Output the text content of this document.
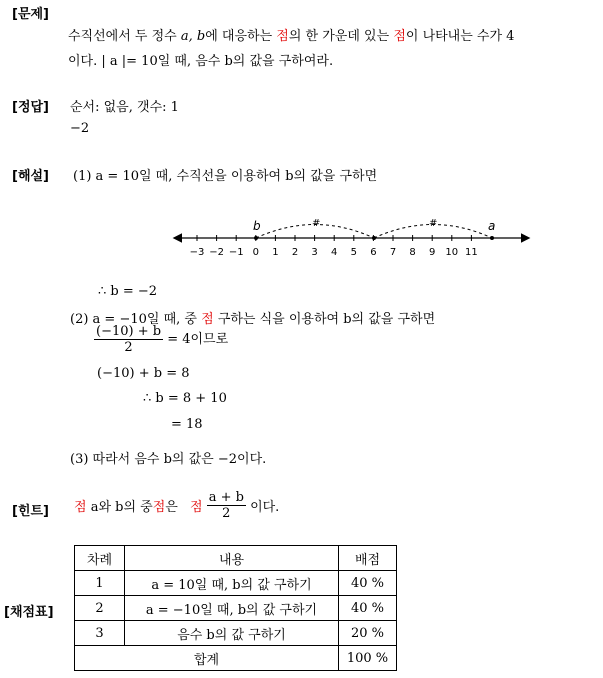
[문제]
수직선에서 두 정수 a, b에 대응하는 점의 한 가운데 있는 점이 나타내는 수가 4
이다. | a |= 10일 때, 음수 b의 값을 구하여라.
[정답] 순서: 없음, 갯수: 1
−2
[해설] (1) a = 10일 때, 수직선을 이용하여 b의 값을 구하면
−3 −2 −1 0 1 2 3 4 5 6 7 8 9 10 11
#	#
b	a
∴ b = −2
(2) a = −10일 때, 중 점 구하는 식을 이용하여 b의 값을 구하면
$\frac{(-10) + b}{2} = 4$이므로
(−10) + b = 8
∴ b = 8 + 10
= 18
(3) 따라서 음수 b의 값은 −2이다.
[힌트] 점 a와 b의 중점은 점 $\frac{a + b}{2}$ 이다.
[채점표]
차례	내용	배점
1	a = 10일 때, b의 값 구하기	40 %
2	a = −10일 때, b의 값 구하기	40 %
3	음수 b의 값 구하기	20 %
합계		100 %
